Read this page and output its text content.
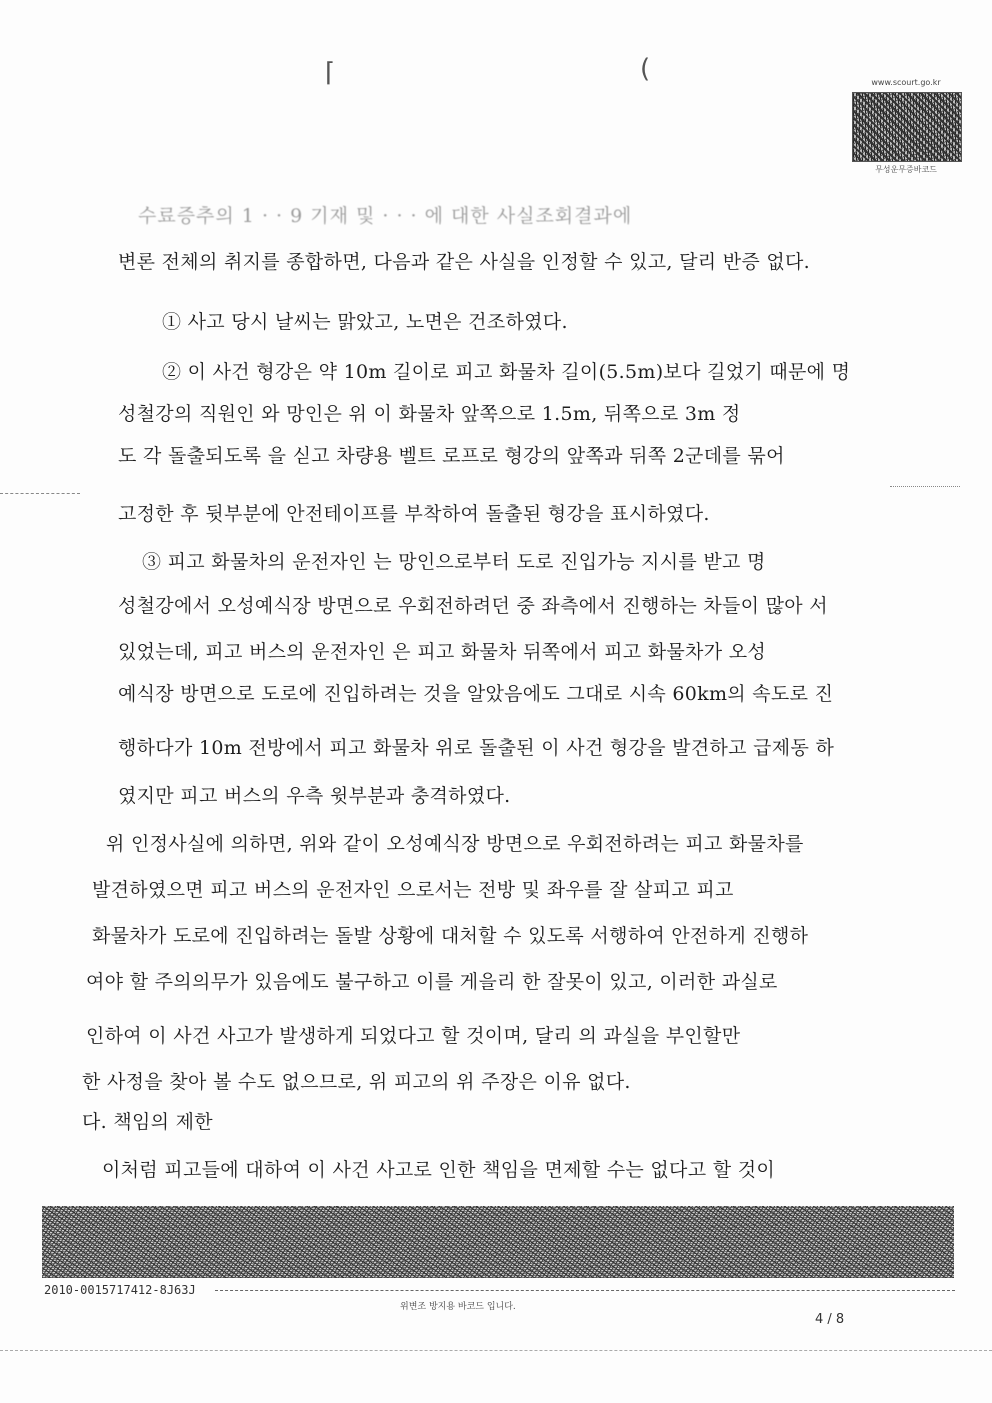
⌈	(	www.scourt.go.kr
무성운무증바코드
수료증추의 1 · · 9 기재 및 · · · 에 대한 사실조회결과에
변론 전체의 취지를 종합하면, 다음과 같은 사실을 인정할 수 있고, 달리 반증 없다.
① 사고 당시 날씨는 맑았고, 노면은 건조하였다.
② 이 사건 형강은 약 10m 길이로 피고 화물차 길이(5.5m)보다 길었기 때문에 명
성철강의 직원인 와 망인은 위 이 화물차 앞쪽으로 1.5m, 뒤쪽으로 3m 정
도 각 돌출되도록 을 싣고 차량용 벨트 로프로 형강의 앞쪽과 뒤쪽 2군데를 묶어
고정한 후 뒷부분에 안전테이프를 부착하여 돌출된 형강을 표시하였다.
③ 피고 화물차의 운전자인 는 망인으로부터 도로 진입가능 지시를 받고 명
성철강에서 오성예식장 방면으로 우회전하려던 중 좌측에서 진행하는 차들이 많아 서
있었는데, 피고 버스의 운전자인 은 피고 화물차 뒤쪽에서 피고 화물차가 오성
예식장 방면으로 도로에 진입하려는 것을 알았음에도 그대로 시속 60km의 속도로 진
행하다가 10m 전방에서 피고 화물차 위로 돌출된 이 사건 형강을 발견하고 급제동 하
였지만 피고 버스의 우측 윗부분과 충격하였다.
위 인정사실에 의하면, 위와 같이 오성예식장 방면으로 우회전하려는 피고 화물차를
발견하였으면 피고 버스의 운전자인 으로서는 전방 및 좌우를 잘 살피고 피고
화물차가 도로에 진입하려는 돌발 상황에 대처할 수 있도록 서행하여 안전하게 진행하
여야 할 주의의무가 있음에도 불구하고 이를 게을리 한 잘못이 있고, 이러한 과실로
인하여 이 사건 사고가 발생하게 되었다고 할 것이며, 달리 의 과실을 부인할만
한 사정을 찾아 볼 수도 없으므로, 위 피고의 위 주장은 이유 없다.
다. 책임의 제한
이처럼 피고들에 대하여 이 사건 사고로 인한 책임을 면제할 수는 없다고 할 것이
2010-0015717412-8J63J
위변조 방지용 바코드 입니다.
4 / 8
